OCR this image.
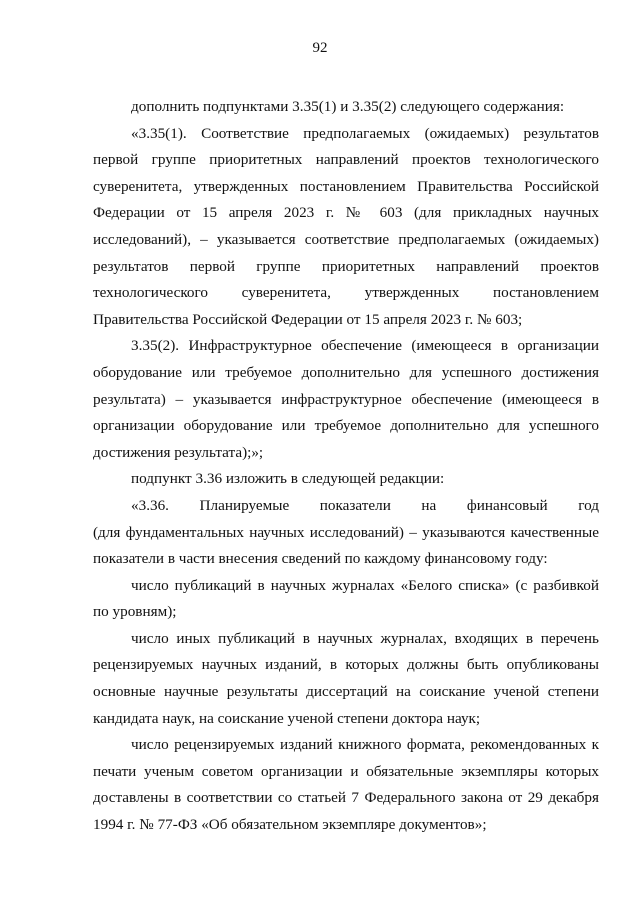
92

дополнить подпунктами 3.35(1) и 3.35(2) следующего содержания:

«3.35(1). Соответствие предполагаемых (ожидаемых) результатов первой группе приоритетных направлений проектов технологического суверенитета, утвержденных постановлением Правительства Российской Федерации от 15 апреля 2023 г. № 603 (для прикладных научных исследований), – указывается соответствие предполагаемых (ожидаемых) результатов первой группе приоритетных направлений проектов технологического суверенитета, утвержденных постановлением Правительства Российской Федерации от 15 апреля 2023 г. № 603;

3.35(2). Инфраструктурное обеспечение (имеющееся в организации оборудование или требуемое дополнительно для успешного достижения результата) – указывается инфраструктурное обеспечение (имеющееся в организации оборудование или требуемое дополнительно для успешного достижения результата);»;

подпункт 3.36 изложить в следующей редакции:

«3.36. Планируемые показатели на финансовый год
(для фундаментальных научных исследований) – указываются качественные показатели в части внесения сведений по каждому финансовому году:

число публикаций в научных журналах «Белого списка» (с разбивкой по уровням);

число иных публикаций в научных журналах, входящих в перечень рецензируемых научных изданий, в которых должны быть опубликованы основные научные результаты диссертаций на соискание ученой степени кандидата наук, на соискание ученой степени доктора наук;

число рецензируемых изданий книжного формата, рекомендованных к печати ученым советом организации и обязательные экземпляры которых доставлены в соответствии со статьей 7 Федерального закона от 29 декабря 1994 г. № 77-ФЗ «Об обязательном экземпляре документов»;
